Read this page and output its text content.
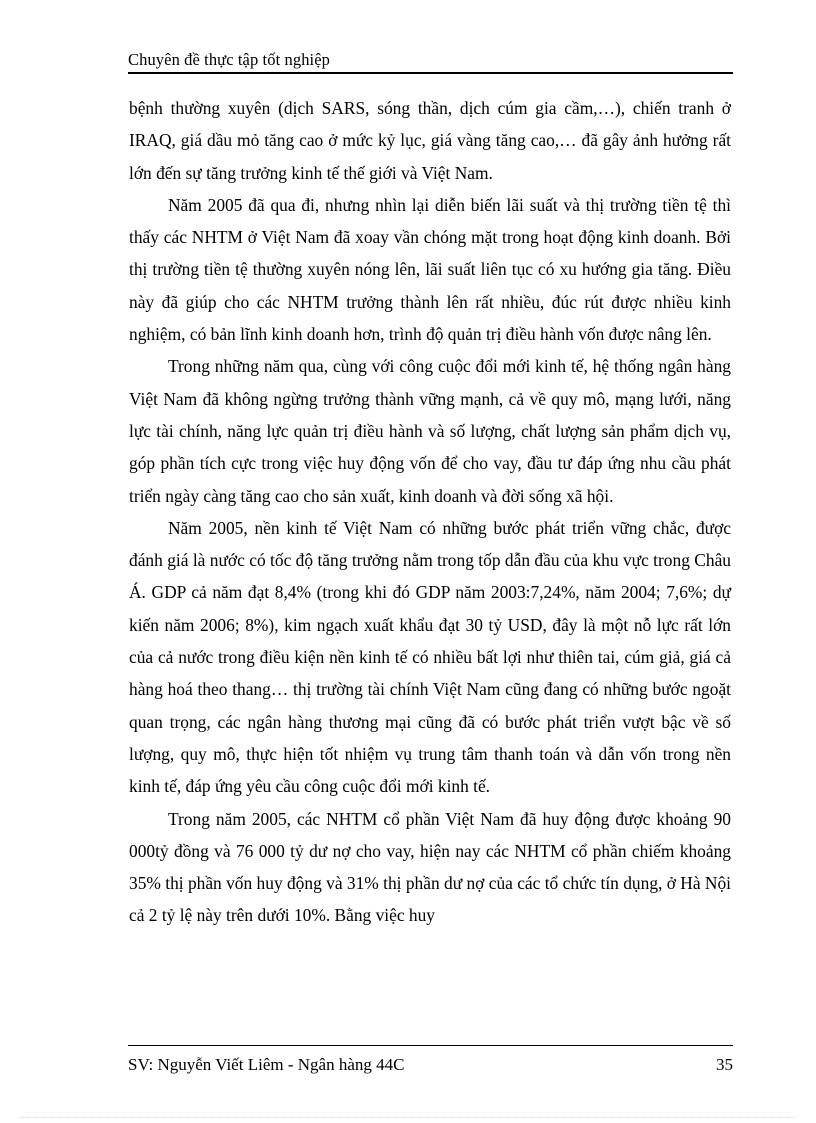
Chuyên đề thực tập tốt nghiệp

bệnh thường xuyên (dịch SARS, sóng thần, dịch cúm gia cầm,…), chiến tranh ở IRAQ, giá dầu mỏ tăng cao ở mức kỷ lục, giá vàng tăng cao,… đã gây ảnh hưởng rất lớn đến sự tăng trưởng kinh tế thế giới và Việt Nam.

Năm 2005 đã qua đi, nhưng nhìn lại diễn biến lãi suất và thị trường tiền tệ thì thấy các NHTM ở Việt Nam đã xoay vần chóng mặt trong hoạt động kinh doanh. Bởi thị trường tiền tệ thường xuyên nóng lên, lãi suất liên tục có xu hướng gia tăng. Điều này đã giúp cho các NHTM trưởng thành lên rất nhiều, đúc rút được nhiều kinh nghiệm, có bản lĩnh kinh doanh hơn, trình độ quản trị điều hành vốn được nâng lên.

Trong những năm qua, cùng với công cuộc đổi mới kinh tế, hệ thống ngân hàng Việt Nam đã không ngừng trưởng thành vững mạnh, cả về quy mô, mạng lưới, năng lực tài chính, năng lực quản trị điều hành và số lượng, chất lượng sản phẩm dịch vụ, góp phần tích cực trong việc huy động vốn để cho vay, đầu tư đáp ứng nhu cầu phát triển ngày càng tăng cao cho sản xuất, kinh doanh và đời sống xã hội.

Năm 2005, nền kinh tế Việt Nam có những bước phát triển vững chắc, được đánh giá là nước có tốc độ tăng trưởng nằm trong tốp dẫn đầu của khu vực trong Châu Á. GDP cả năm đạt 8,4% (trong khi đó GDP năm 2003:7,24%, năm 2004; 7,6%; dự kiến năm 2006; 8%), kim ngạch xuất khẩu đạt 30 tỷ USD, đây là một nỗ lực rất lớn của cả nước trong điều kiện nền kinh tế có nhiều bất lợi như thiên tai, cúm giả, giá cả hàng hoá theo thang… thị trường tài chính Việt Nam cũng đang có những bước ngoặt quan trọng, các ngân hàng thương mại cũng đã có bước phát triển vượt bậc về số lượng, quy mô, thực hiện tốt nhiệm vụ trung tâm thanh toán và dẫn vốn trong nền kinh tế, đáp ứng yêu cầu công cuộc đổi mới kinh tế.

Trong năm 2005, các NHTM cổ phần Việt Nam đã huy động được khoảng 90 000tỷ đồng và 76 000 tỷ dư nợ cho vay, hiện nay các NHTM cổ phần chiếm khoảng 35% thị phần vốn huy động và 31% thị phần dư nợ của các tổ chức tín dụng, ở Hà Nội cả 2 tỷ lệ này trên dưới 10%. Bằng việc huy

SV: Nguyễn Viết Liêm - Ngân hàng 44C	35
